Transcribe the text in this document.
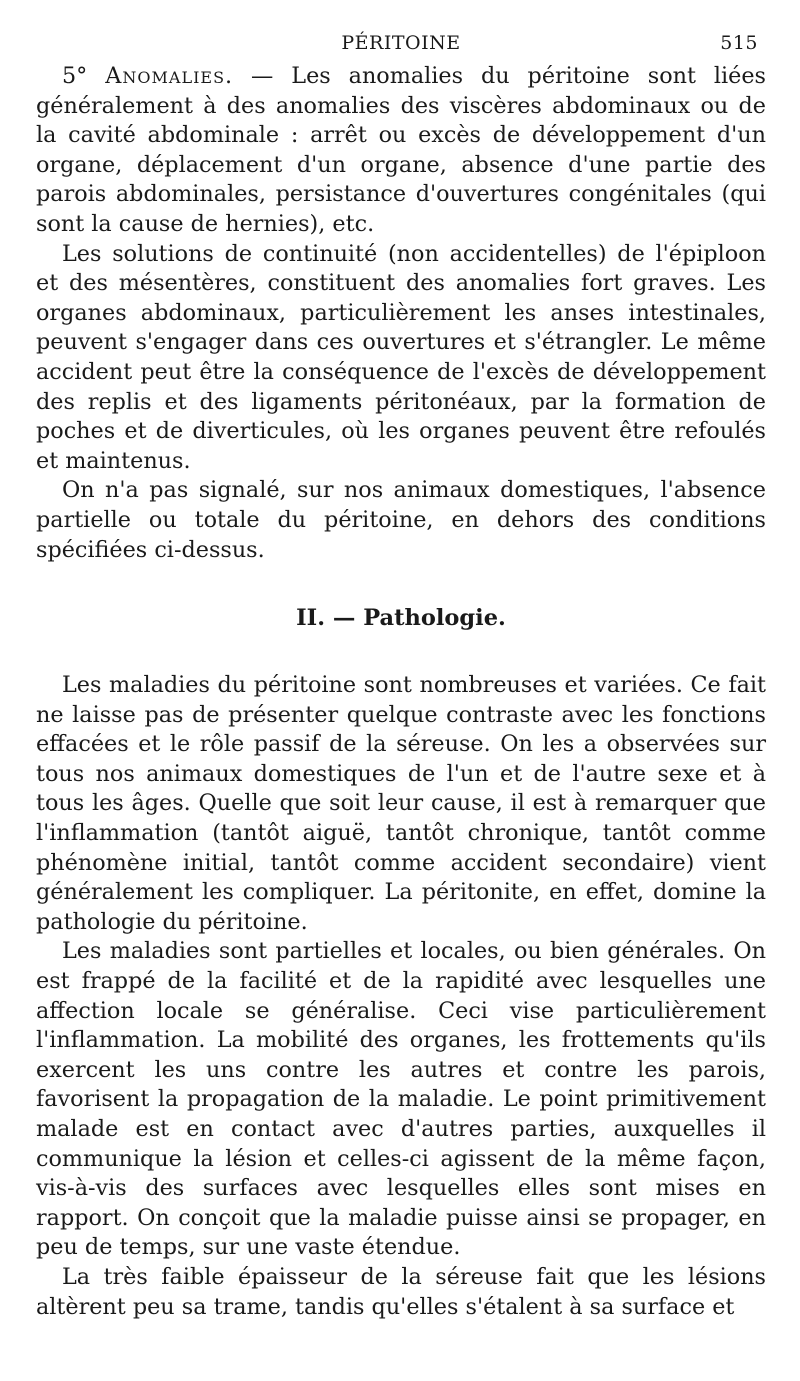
PÉRITOINE	515

5° Anomalies. — Les anomalies du péritoine sont liées généralement à des anomalies des viscères abdominaux ou de la cavité abdominale : arrêt ou excès de développement d'un organe, déplacement d'un organe, absence d'une partie des parois abdominales, persistance d'ouvertures congénitales (qui sont la cause de hernies), etc.

Les solutions de continuité (non accidentelles) de l'épiploon et des mésentères, constituent des anomalies fort graves. Les organes abdominaux, particulièrement les anses intestinales, peuvent s'engager dans ces ouvertures et s'étrangler. Le même accident peut être la conséquence de l'excès de développement des replis et des ligaments péritonéaux, par la formation de poches et de diverticules, où les organes peuvent être refoulés et maintenus.

On n'a pas signalé, sur nos animaux domestiques, l'absence partielle ou totale du péritoine, en dehors des conditions spécifiées ci-dessus.

II. — Pathologie.

Les maladies du péritoine sont nombreuses et variées. Ce fait ne laisse pas de présenter quelque contraste avec les fonctions effacées et le rôle passif de la séreuse. On les a observées sur tous nos animaux domestiques de l'un et de l'autre sexe et à tous les âges. Quelle que soit leur cause, il est à remarquer que l'inflammation (tantôt aiguë, tantôt chronique, tantôt comme phénomène initial, tantôt comme accident secondaire) vient généralement les compliquer. La péritonite, en effet, domine la pathologie du péritoine.

Les maladies sont partielles et locales, ou bien générales. On est frappé de la facilité et de la rapidité avec lesquelles une affection locale se généralise. Ceci vise particulièrement l'inflammation. La mobilité des organes, les frottements qu'ils exercent les uns contre les autres et contre les parois, favorisent la propagation de la maladie. Le point primitivement malade est en contact avec d'autres parties, auxquelles il communique la lésion et celles-ci agissent de la même façon, vis-à-vis des surfaces avec lesquelles elles sont mises en rapport. On conçoit que la maladie puisse ainsi se propager, en peu de temps, sur une vaste étendue.

La très faible épaisseur de la séreuse fait que les lésions altèrent peu sa trame, tandis qu'elles s'étalent à sa surface et
